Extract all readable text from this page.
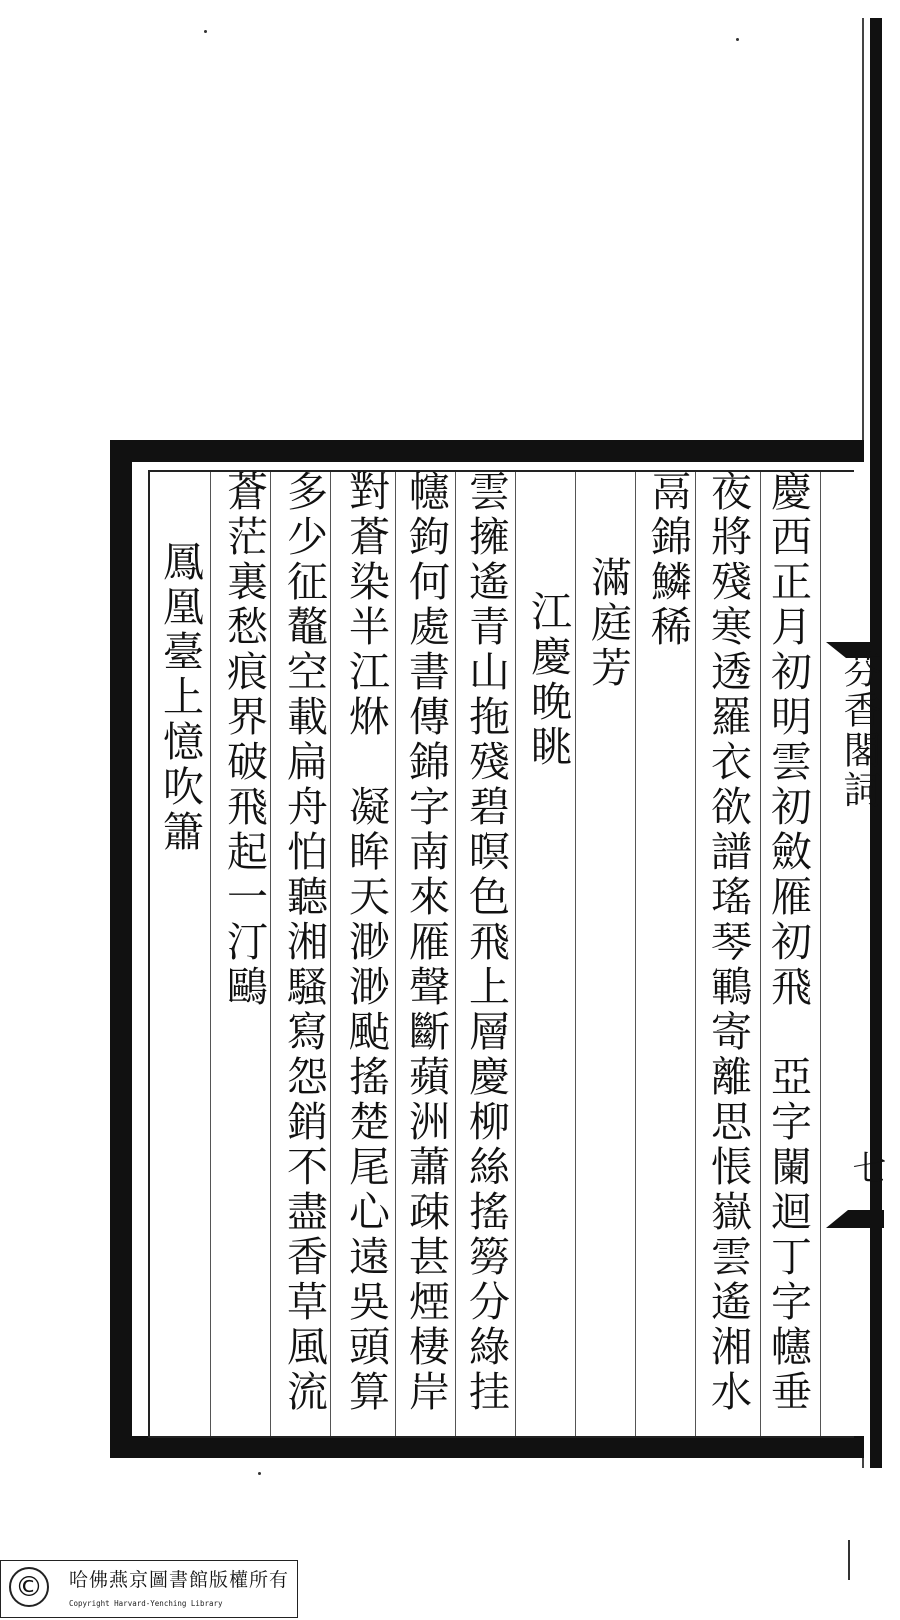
慶西正月初明雲初斂雁初飛　亞字闌迴丁字幰垂
夜將殘寒透羅衣欲譜瑤琴鶤寄離思悵嶽雲遙湘水
鬲錦鱗稀
滿庭芳
江慶晚眺
雲擁遙青山拖殘碧暝色飛上層慶柳絲搖簩分綠挂
幰鉤何處書傳錦字南來雁聲斷蘋洲蕭疎甚煙棲岸
對蒼染半江烌　凝眸天渺渺颭搖楚尾心遠吳頭算
多少征鼇空載扁舟怕聽湘騷寫怨銷不盡香草風流
蒼茫裏愁痕界破飛起一汀鷗
鳳凰臺上憶吹簫	芬香閣詞
七
©	哈佛燕京圖書館版權所有
Copyright Harvard-Yenching Library
